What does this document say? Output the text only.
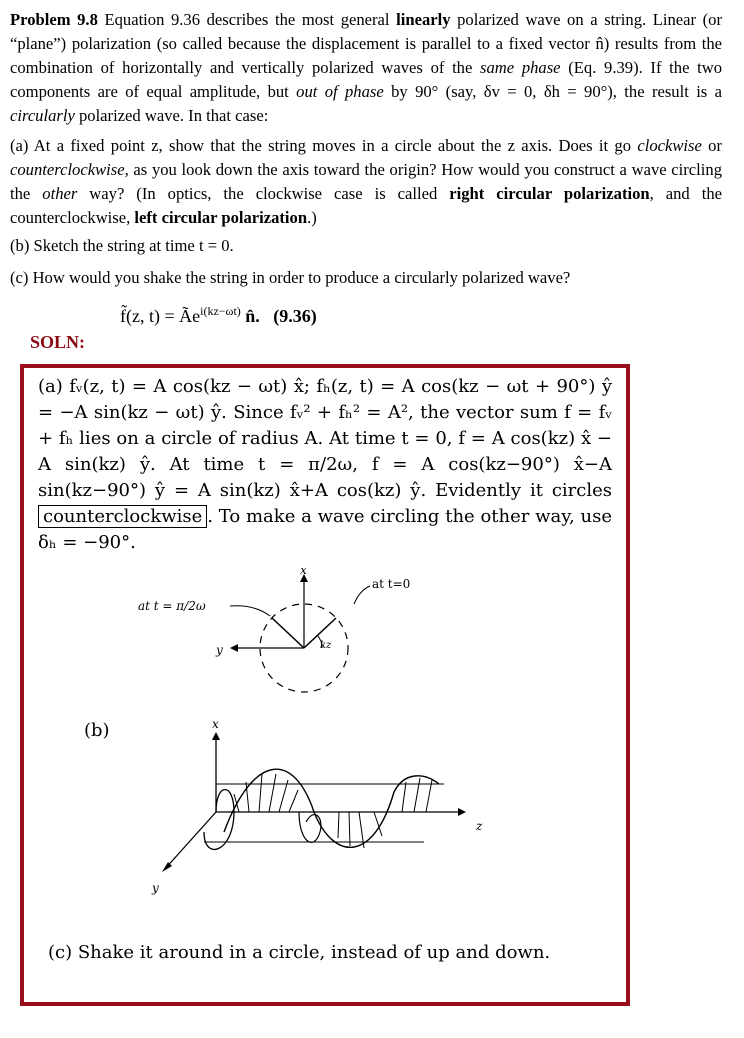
Problem 9.8 Equation 9.36 describes the most general linearly polarized wave on a string. Linear (or “plane”) polarization (so called because the displacement is parallel to a fixed vector n̂) results from the combination of horizontally and vertically polarized waves of the same phase (Eq. 9.39). If the two components are of equal amplitude, but out of phase by 90° (say, δv = 0, δh = 90°), the result is a circularly polarized wave. In that case:
(a) At a fixed point z, show that the string moves in a circle about the z axis. Does it go clockwise or counterclockwise, as you look down the axis toward the origin? How would you construct a wave circling the other way? (In optics, the clockwise case is called right circular polarization, and the counterclockwise, left circular polarization.)
(b) Sketch the string at time t = 0.
(c) How would you shake the string in order to produce a circularly polarized wave?
f̃(z, $t) = Ãe^{i(kz-\omega t)}$ n̂. (9.36)
SOLN:
(a) fᵥ(z, t) = A cos(kz − ωt) x̂; fₕ(z, t) = A cos(kz − ωt + 90°) ŷ = −A sin(kz − ωt) ŷ. Since fᵥ² + fₕ² = A², the vector sum f = fᵥ + fₕ lies on a circle of radius A. At time t = 0, f = A cos(kz) x̂ − A sin(kz) ŷ. At time t = π/2ω, f = A cos(kz−90°) x̂−A sin(kz−90°) ŷ = A sin(kz) x̂+A cos(kz) ŷ. Evidently it circles counterclockwise . To make a wave circling the other way, use δₕ = −90°.
x
y	kz
at t=0
at t = π/2ω
(b)	x
y
z
(c) Shake it around in a circle, instead of up and down.
